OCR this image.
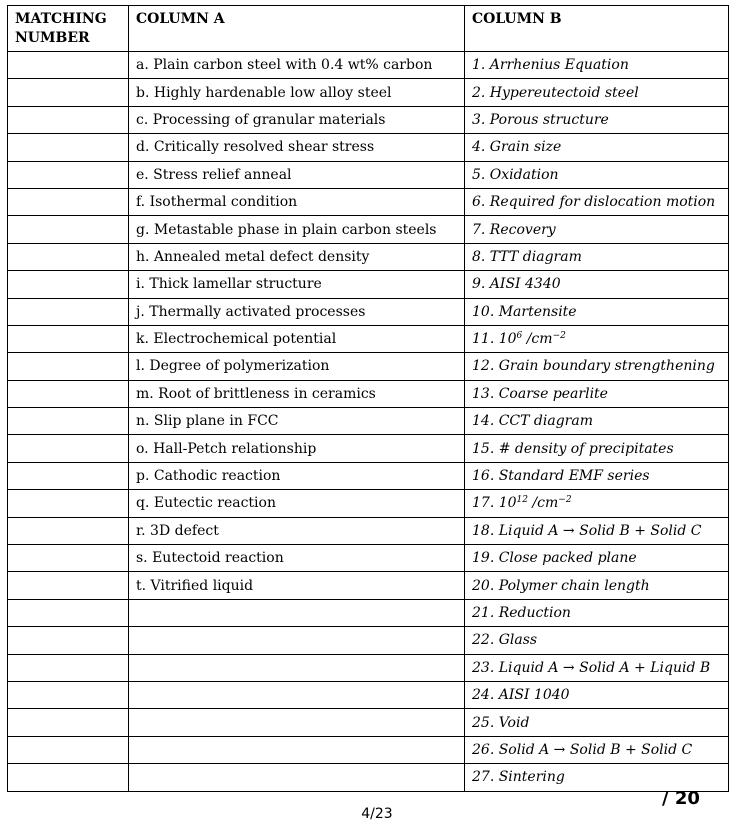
MATCHING NUMBER	COLUMN A	COLUMN B
	a. Plain carbon steel with 0.4 wt% carbon	1. Arrhenius Equation
	b. Highly hardenable low alloy steel	2. Hypereutectoid steel
	c. Processing of granular materials	3. Porous structure
	d. Critically resolved shear stress	4. Grain size
	e. Stress relief anneal	5. Oxidation
	f. Isothermal condition	6. Required for dislocation motion
	g. Metastable phase in plain carbon steels	7. Recovery
	h. Annealed metal defect density	8. TTT diagram
	i. Thick lamellar structure	9. AISI 4340
	j. Thermally activated processes	10. Martensite
	k. Electrochemical potential	11. $10^6$ $/cm^{-2}$
	l. Degree of polymerization	12. Grain boundary strengthening
	m. Root of brittleness in ceramics	13. Coarse pearlite
	n. Slip plane in FCC	14. CCT diagram
	o. Hall-Petch relationship	15. # density of precipitates
	p. Cathodic reaction	16. Standard EMF series
	q. Eutectic reaction	17. $10^{12}$ $/cm^{-2}$
	r. 3D defect	18. Liquid A → Solid B + Solid C
	s. Eutectoid reaction	19. Close packed plane
	t. Vitrified liquid	20. Polymer chain length
		21. Reduction
		22. Glass
		23. Liquid A → Solid A + Liquid B
		24. AISI 1040
		25. Void
		26. Solid A → Solid B + Solid C
		27. Sintering
/ 20
4/23
